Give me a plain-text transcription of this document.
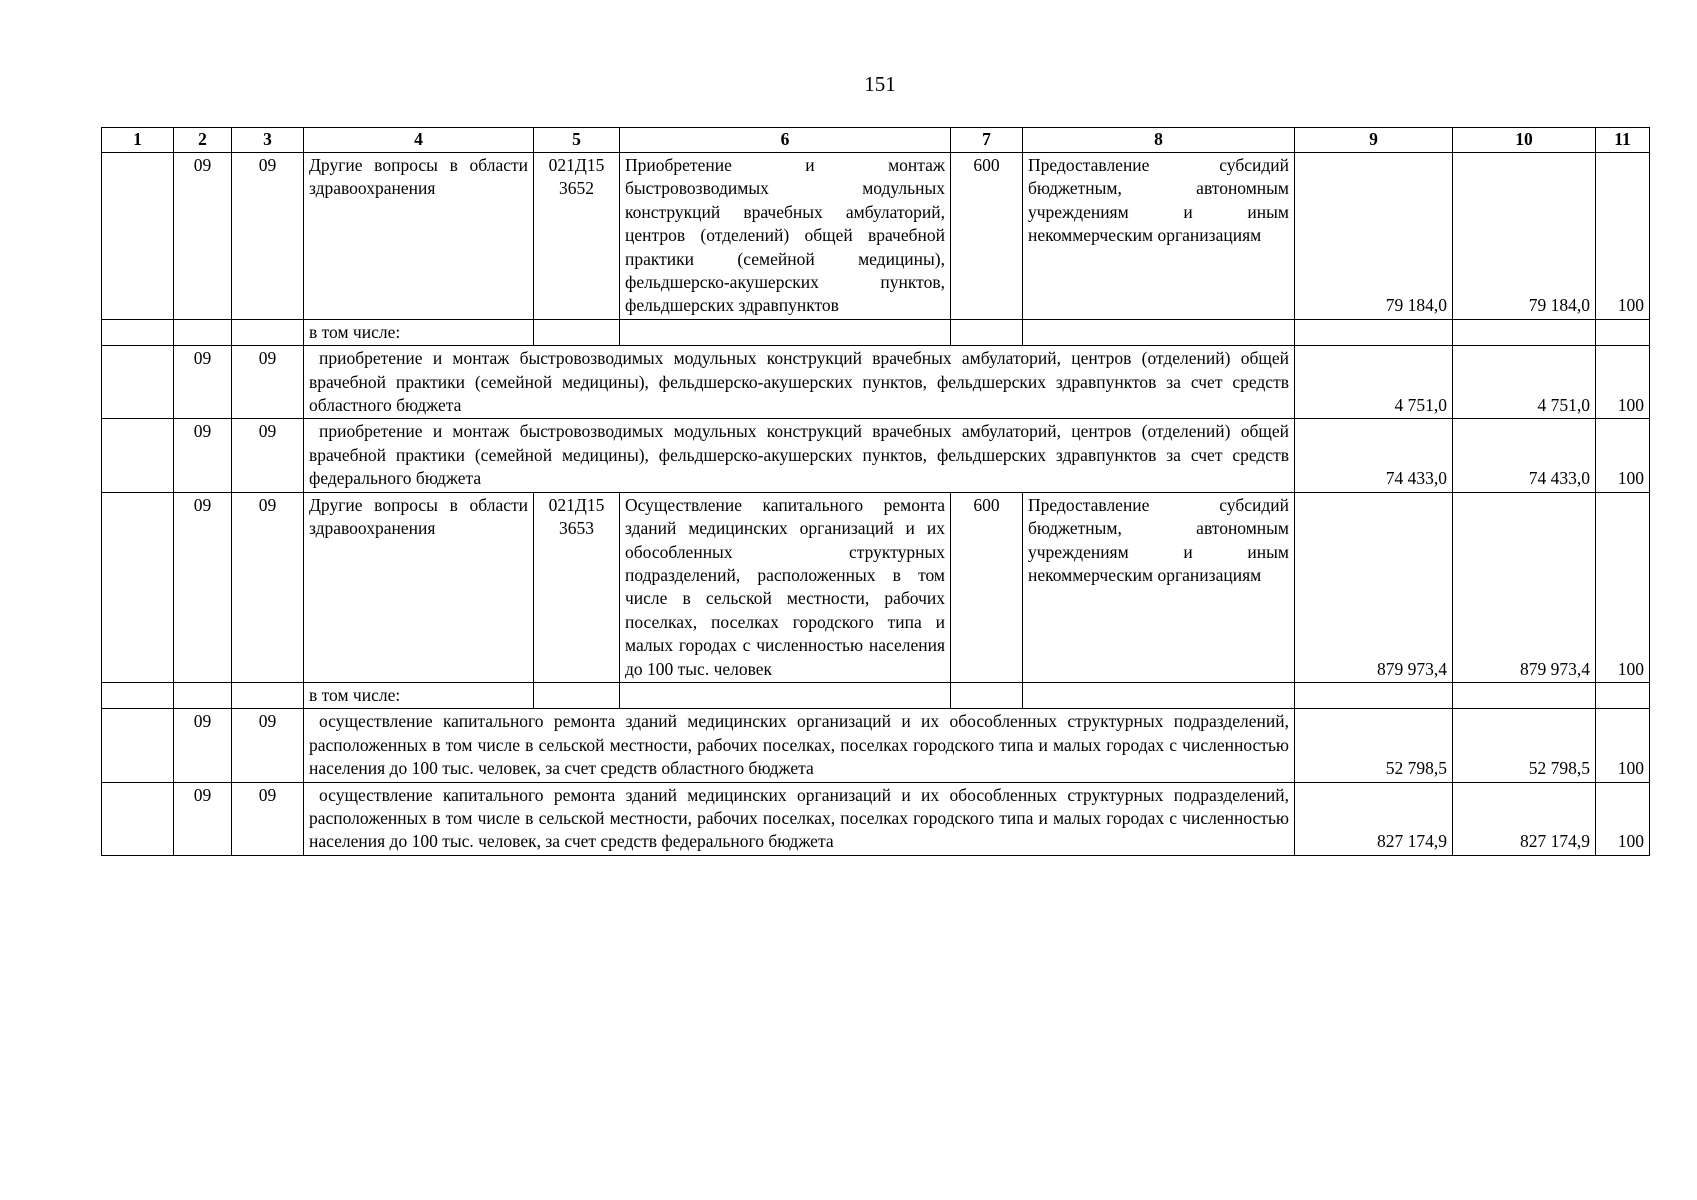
151
1	2	3	4	5	6	7	8	9	10	11
	09	09	Другие вопросы в области здравоохранения	021Д15 3652	Приобретение и монтаж быстровозводимых модульных конструкций врачебных амбулаторий, центров (отделений) общей врачебной практики (семейной медицины), фельдшерско-акушерских пунктов, фельдшерских здравпунктов	600	Предоставление субсидий бюджетным, автономным учреждениям и иным некоммерческим организациям	79 184,0	79 184,0	100
			в том числе:							
	09	09	приобретение и монтаж быстровозводимых модульных конструкций врачебных амбулаторий, центров (отделений) общей врачебной практики (семейной медицины), фельдшерско-акушерских пунктов, фельдшерских здравпунктов за счет средств областного бюджета					4 751,0	4 751,0	100
	09	09	приобретение и монтаж быстровозводимых модульных конструкций врачебных амбулаторий, центров (отделений) общей врачебной практики (семейной медицины), фельдшерско-акушерских пунктов, фельдшерских здравпунктов за счет средств федерального бюджета					74 433,0	74 433,0	100
	09	09	Другие вопросы в области здравоохранения	021Д15 3653	Осуществление капитального ремонта зданий медицинских организаций и их обособленных структурных подразделений, расположенных в том числе в сельской местности, рабочих поселках, поселках городского типа и малых городах с численностью населения до 100 тыс. человек	600	Предоставление субсидий бюджетным, автономным учреждениям и иным некоммерческим организациям	879 973,4	879 973,4	100
			в том числе:							
	09	09	осуществление капитального ремонта зданий медицинских организаций и их обособленных структурных подразделений, расположенных в том числе в сельской местности, рабочих поселках, поселках городского типа и малых городах с численностью населения до 100 тыс. человек, за счет средств областного бюджета					52 798,5	52 798,5	100
	09	09	осуществление капитального ремонта зданий медицинских организаций и их обособленных структурных подразделений, расположенных в том числе в сельской местности, рабочих поселках, поселках городского типа и малых городах с численностью населения до 100 тыс. человек, за счет средств федерального бюджета					827 174,9	827 174,9	100
